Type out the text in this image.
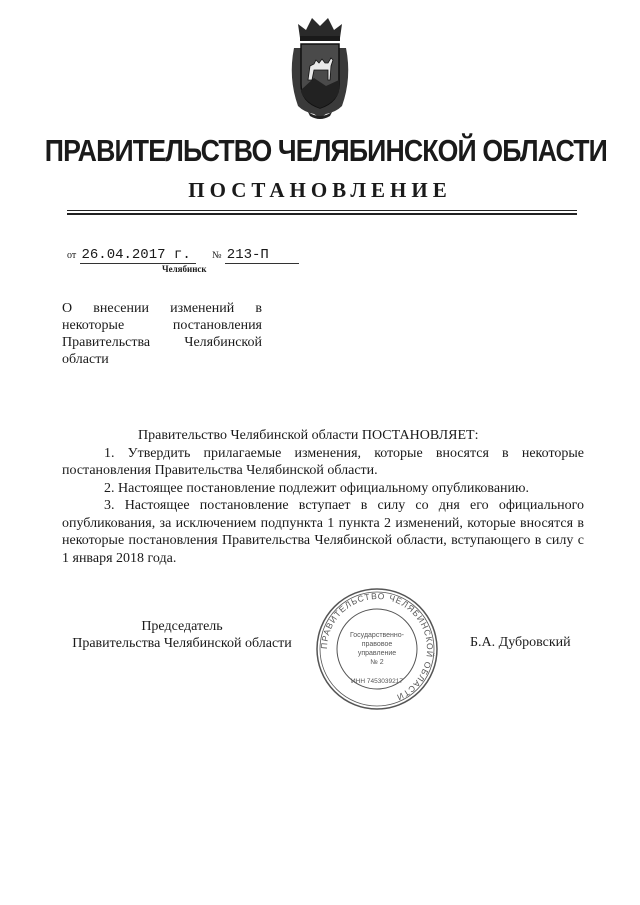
ПРАВИТЕЛЬСТВО ЧЕЛЯБИНСКОЙ ОБЛАСТИ
ПОСТАНОВЛЕНИЕ
от 26.04.2017 г. № 213-П
Челябинск
О внесении изменений в некоторые постановления Правительства Челябинской области

Правительство Челябинской области ПОСТАНОВЛЯЕТ:

1. Утвердить прилагаемые изменения, которые вносятся в некоторые постановления Правительства Челябинской области.

2. Настоящее постановление подлежит официальному опубликованию.

3. Настоящее постановление вступает в силу со дня его официального опубликования, за исключением подпункта 1 пункта 2 изменений, которые вносятся в некоторые постановления Правительства Челябинской области, вступающего в силу с 1 января 2018 года.

Председатель
Правительства Челябинской области	ПРАВИТЕЛЬСТВО ЧЕЛЯБИНСКОЙ ОБЛАСТИ
Государственно-
правовое
управление
№ 2
ИНН 7453039217
Б.А. Дубровский
